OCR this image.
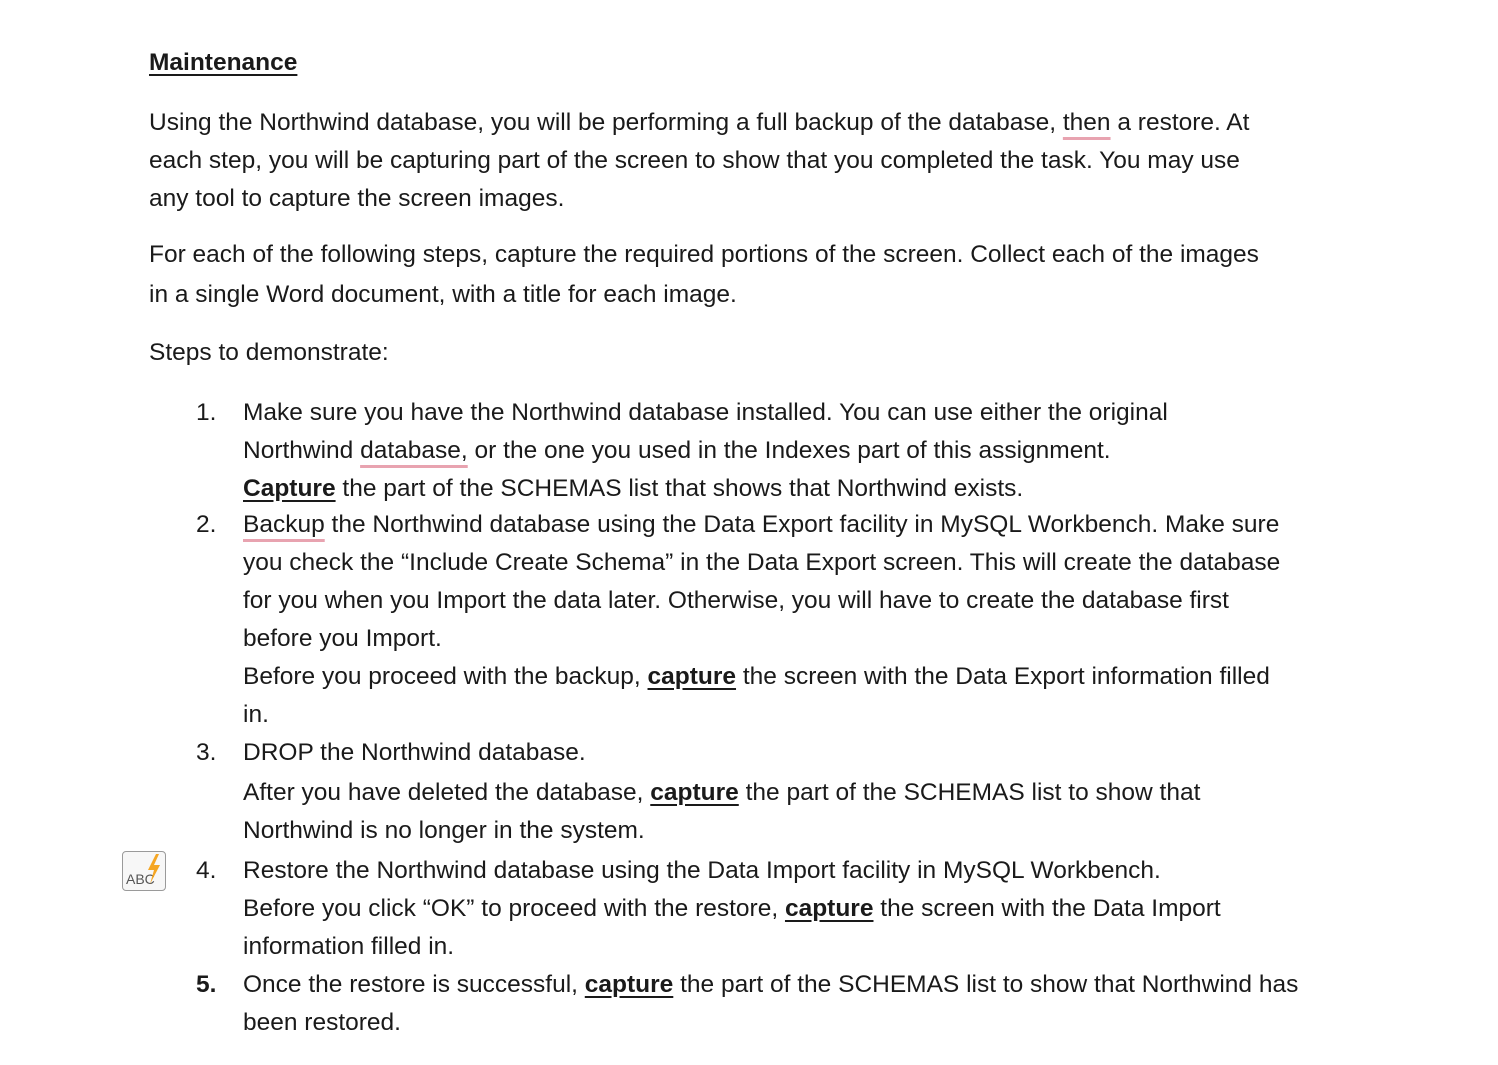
Maintenance
Using the Northwind database, you will be performing a full backup of the database, then a restore. At
each step, you will be capturing part of the screen to show that you completed the task. You may use
any tool to capture the screen images.
For each of the following steps, capture the required portions of the screen. Collect each of the images
in a single Word document, with a title for each image.
Steps to demonstrate:
1. Make sure you have the Northwind database installed. You can use either the original
Northwind database, or the one you used in the Indexes part of this assignment.
Capture the part of the SCHEMAS list that shows that Northwind exists.
2. Backup the Northwind database using the Data Export facility in MySQL Workbench. Make sure
you check the “Include Create Schema” in the Data Export screen. This will create the database
for you when you Import the data later. Otherwise, you will have to create the database first
before you Import.
Before you proceed with the backup, capture the screen with the Data Export information filled
in.
3. DROP the Northwind database.
After you have deleted the database, capture the part of the SCHEMAS list to show that
Northwind is no longer in the system.
ABC 4. Restore the Northwind database using the Data Import facility in MySQL Workbench.
Before you click “OK” to proceed with the restore, capture the screen with the Data Import
information filled in.
5. Once the restore is successful, capture the part of the SCHEMAS list to show that Northwind has
been restored.
